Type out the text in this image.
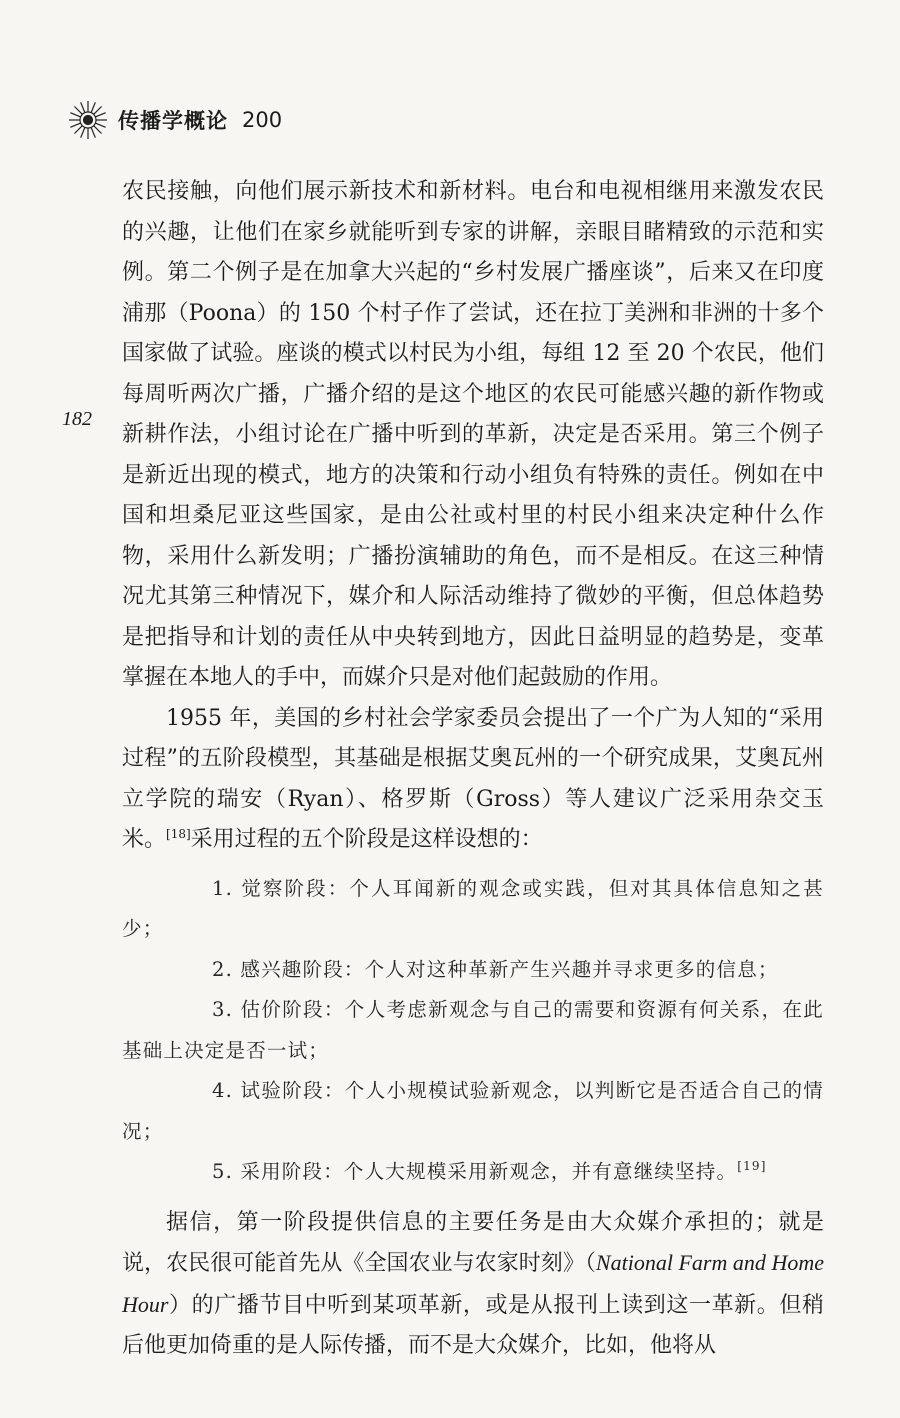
传播学概论 200
182

农民接触，向他们展示新技术和新材料。电台和电视相继用来激发农民的兴趣，让他们在家乡就能听到专家的讲解，亲眼目睹精致的示范和实例。第二个例子是在加拿大兴起的“乡村发展广播座谈”，后来又在印度浦那（Poona）的 150 个村子作了尝试，还在拉丁美洲和非洲的十多个国家做了试验。座谈的模式以村民为小组，每组 12 至 20 个农民，他们每周听两次广播，广播介绍的是这个地区的农民可能感兴趣的新作物或新耕作法，小组讨论在广播中听到的革新，决定是否采用。第三个例子是新近出现的模式，地方的决策和行动小组负有特殊的责任。例如在中国和坦桑尼亚这些国家，是由公社或村里的村民小组来决定种什么作物，采用什么新发明；广播扮演辅助的角色，而不是相反。在这三种情况尤其第三种情况下，媒介和人际活动维持了微妙的平衡，但总体趋势是把指导和计划的责任从中央转到地方，因此日益明显的趋势是，变革掌握在本地人的手中，而媒介只是对他们起鼓励的作用。

1955 年，美国的乡村社会学家委员会提出了一个广为人知的“采用过程”的五阶段模型，其基础是根据艾奥瓦州的一个研究成果，艾奥瓦州立学院的瑞安（Ryan）、格罗斯（Gross）等人建议广泛采用杂交玉米。[18]采用过程的五个阶段是这样设想的：

1. 觉察阶段：个人耳闻新的观念或实践，但对其具体信息知之甚少；

2. 感兴趣阶段：个人对这种革新产生兴趣并寻求更多的信息；

3. 估价阶段：个人考虑新观念与自己的需要和资源有何关系，在此基础上决定是否一试；

4. 试验阶段：个人小规模试验新观念，以判断它是否适合自己的情况；

5. 采用阶段：个人大规模采用新观念，并有意继续坚持。[19]

据信，第一阶段提供信息的主要任务是由大众媒介承担的；就是说，农民很可能首先从《全国农业与农家时刻》（National Farm and Home Hour）的广播节目中听到某项革新，或是从报刊上读到这一革新。但稍后他更加倚重的是人际传播，而不是大众媒介，比如，他将从
